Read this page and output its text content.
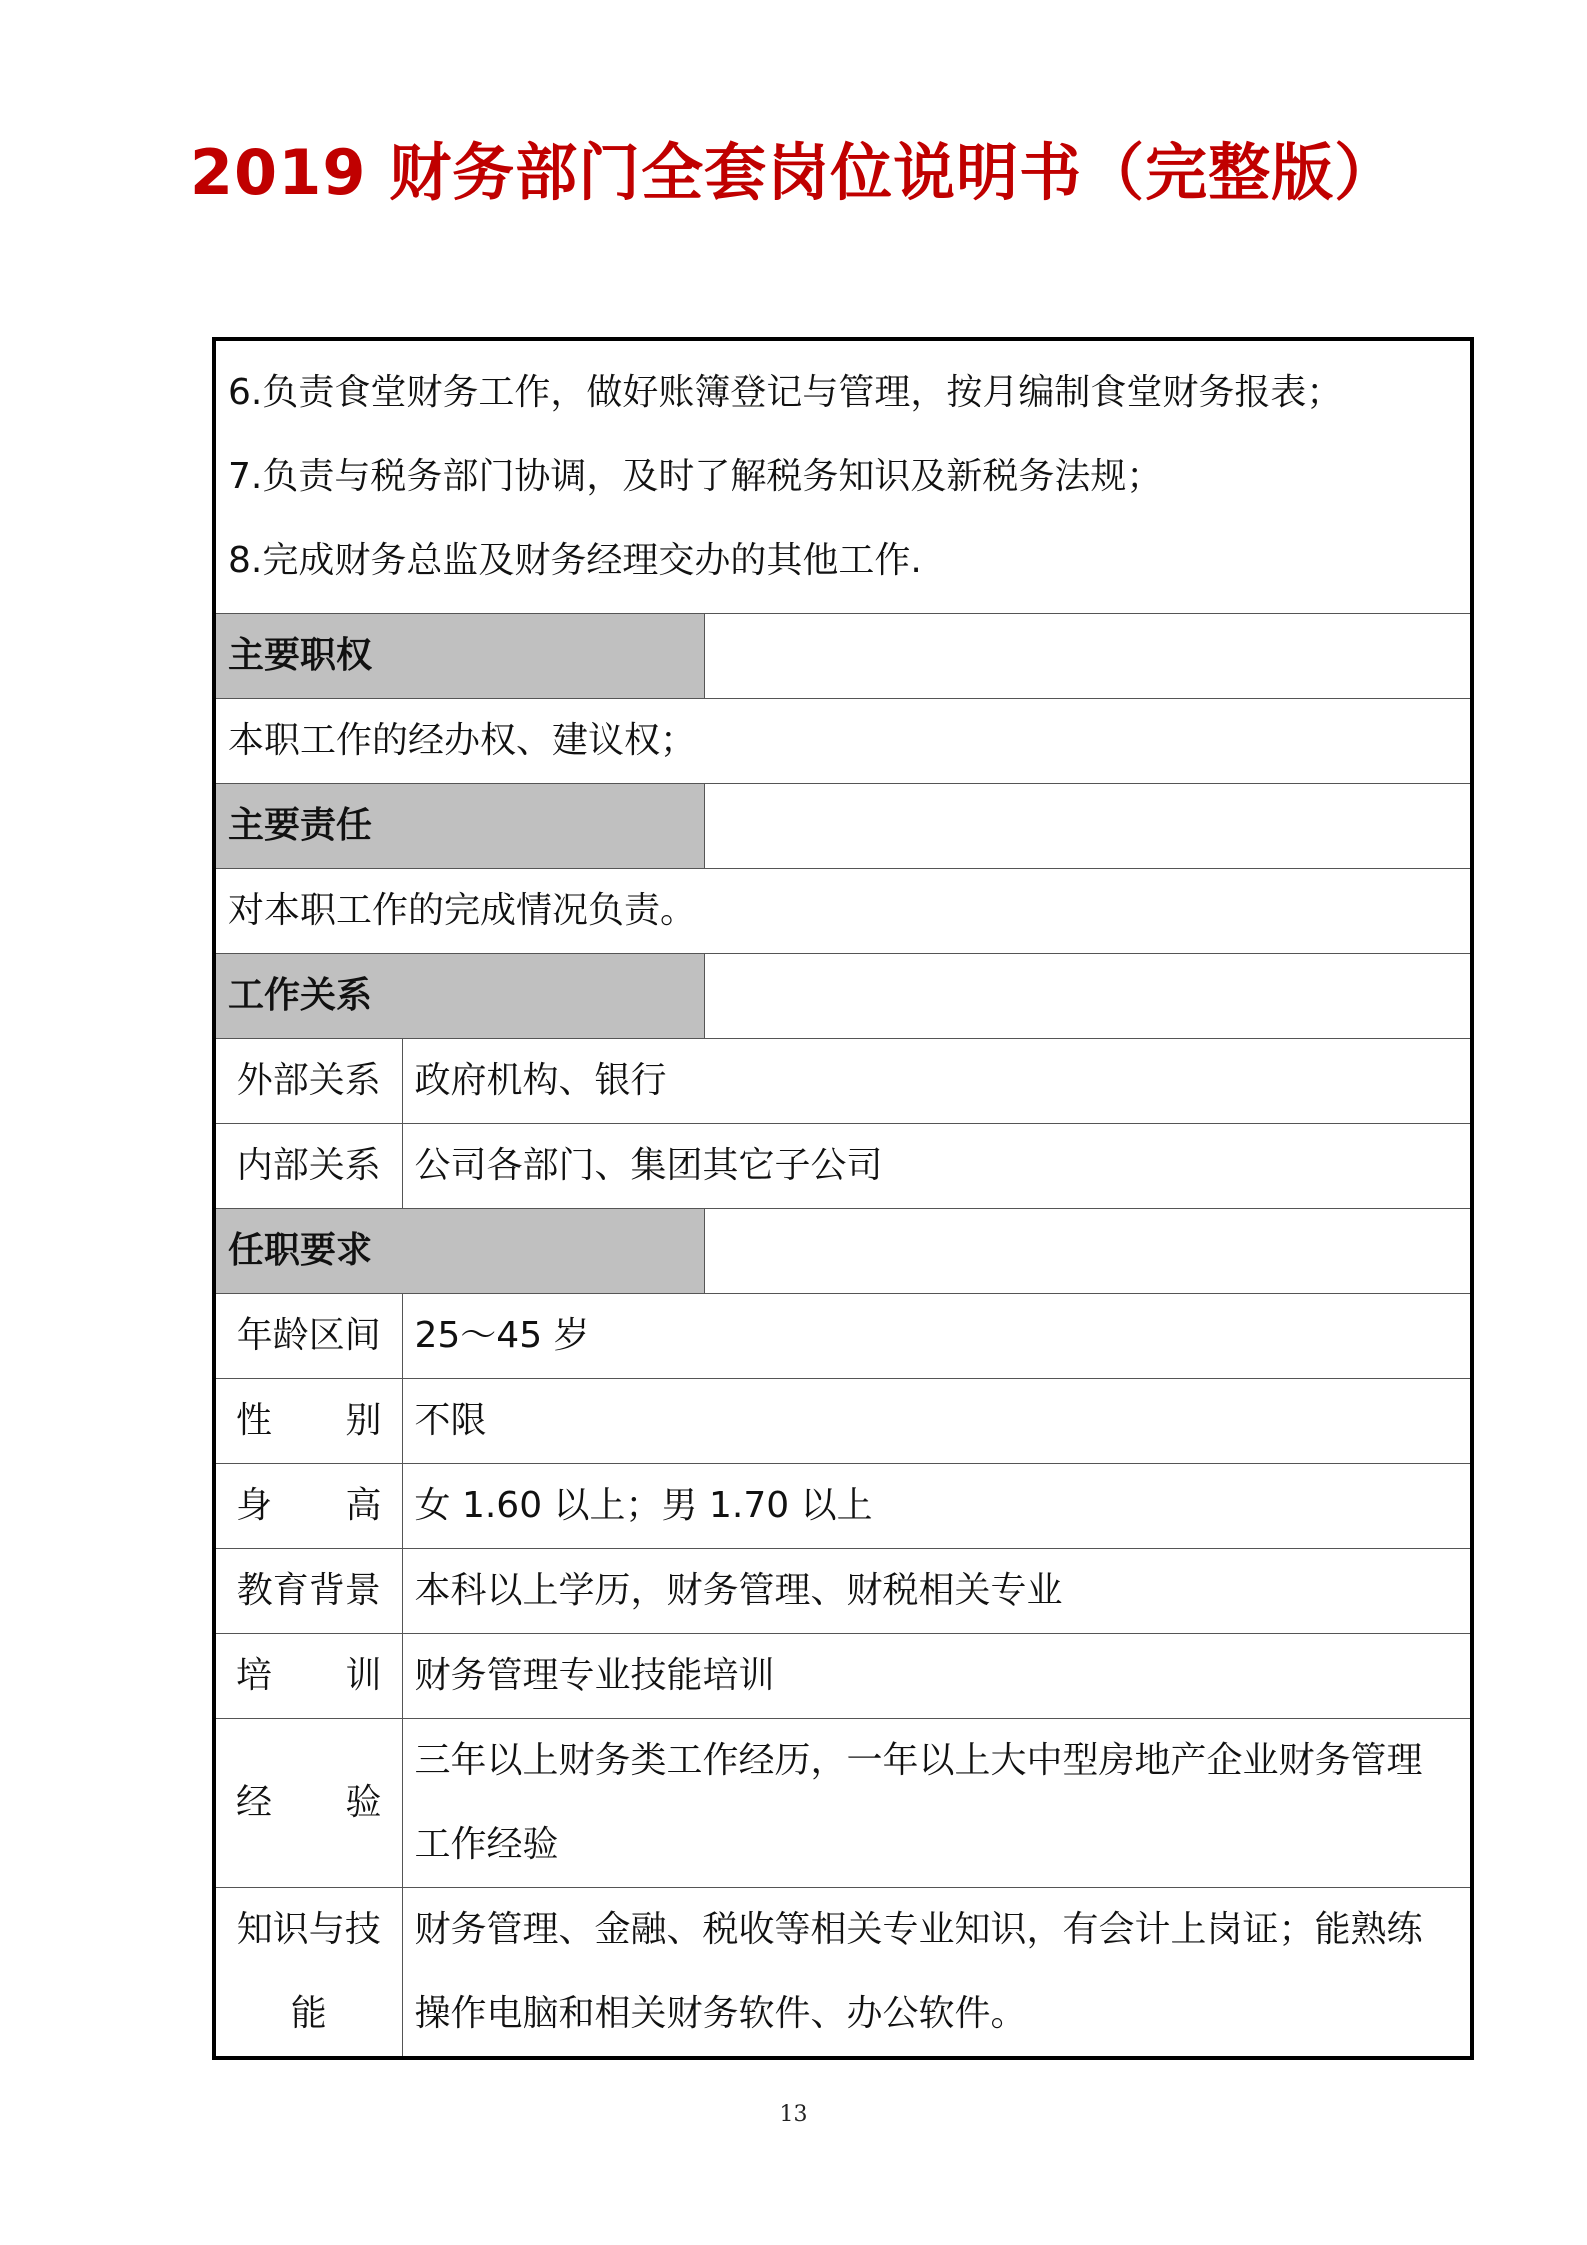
2019 财务部门全套岗位说明书（完整版）
6.负责食堂财务工作，做好账簿登记与管理，按月编制食堂财务报表；
7.负责与税务部门协调，及时了解税务知识及新税务法规；
8.完成财务总监及财务经理交办的其他工作.		

主要职权		
本职工作的经办权、建议权；		
主要责任		
对本职工作的完成情况负责。		
工作关系		
外部关系	政府机构、银行	
内部关系	公司各部门、集团其它子公司	
任职要求		
年龄区间	25～45 岁	
性别	不限	
身高	女 1.60 以上；男 1.70 以上	
教育背景	本科以上学历，财务管理、财税相关专业	
培训	财务管理专业技能培训	
经验	三年以上财务类工作经历，一年以上大中型房地产企业财务管理工作经验	
知识与技能	财务管理、金融、税收等相关专业知识，有会计上岗证；能熟练操作电脑和相关财务软件、办公软件。	
13
